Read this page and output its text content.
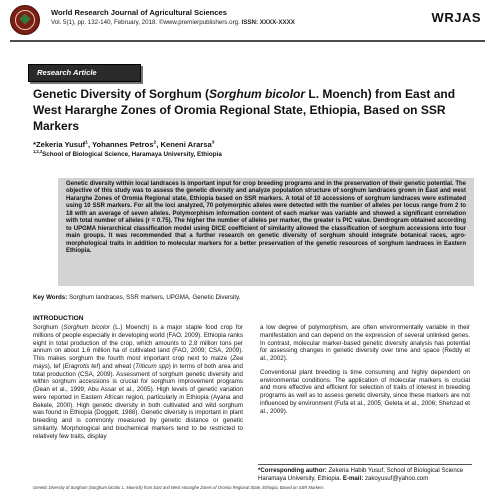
World Research Journal of Agricultural Sciences
Vol. 5(1), pp. 132-140, February, 2018. ©www.premierpublishers.org. ISSN: XXXX-XXXX	WRJAS
Research Article
Genetic Diversity of Sorghum (Sorghum bicolor L. Moench) from East and West Hararghe Zones of Oromia Regional State, Ethiopia, Based on SSR Markers
*Zekeria Yusuf$^1$, Yohannes Petros$^2$, Keneni Ararsa$^3$
$^{1,2,3}$School of Biological Science, Haramaya University, Ethiopia

Genetic diversity within local landraces is important input for crop breeding programs and in the preservation of their genetic potential. The objective of this study was to assess the genetic diversity and analyze population structure of sorghum landraces grown in East and west Hararghe Zones of Oromia Regional state, Ethiopia based on SSR markers. A total of 10 accessions of sorghum landraces were estimated using 10 SSR markers. For all the loci analyzed, 70 polymorphic alleles were detected with the number of alleles per locus range from 2 to 18 with an average of seven alleles. Polymorphism information content of each marker was variable and showed a significant correlation with total number of alleles (r = 0.75). The higher the number of alleles per marker, the greater is PIC value. Dendrogram obtained according to UPGMA hierarchical classification model using DICE coefficient of similarity allowed the classification of sorghum accessions into four main groups. It was recommended that a further research on genetic diversity of sorghum should integrate botanical races, agro-morphological traits in addition to molecular markers for a better preservation of the genetic resources of sorghum landraces in Eastern Ethiopia.

Key Words: Sorghum landraces, SSR markers, UPGMA, Genetic Diversity.
INTRODUCTION

Sorghum (Sorghum bicolor (L.) Moench) is a major staple food crop for millions of people especially in developing world (FAO, 2009). Ethiopia ranks eight in total production of the crop, which amounts to 2.8 million tons per annum on about 1.6 million ha of cultivated land (FAO, 2009; CSA, 2009). This makes sorghum the fourth most important crop next to maize (Zea mays), tef (Eragrotis tef) and wheat (Triticum spp) in terms of both area and total production (CSA, 2009). Assessment of sorghum genetic diversity and within sorghum accessions is crucial for sorghum improvement programs (Dean et al., 1999; Abu Assar et al., 2005). High levels of genetic variation were reported in Eastern African region, particularly in Ethiopia (Ayana and Bekele, 2000). High genetic diversity in both cultivated and wild sorghum was found in Ethiopia (Doggett, 1988). Genetic diversity is important in plant breeding and is commonly measured by genetic distance or genetic similarity. Morphological and biochemical markers tend to be restricted to relatively few traits, display

a low degree of polymorphism, are often environmentally variable in their manifestation and can depend on the expression of several unlinked genes. In contrast, molecular marker-based genetic diversity analysis has potential for assessing changes in genetic diversity over time and space (Reddy et al., 2002).

Conventional plant breeding is time consuming and highly dependent on environmental conditions. The application of molecular markers is crucial and more effective and efficient for selection of traits of interest in breeding programs as well as to assess genetic diversity, since these markers are not influenced by environment (Fufa et al., 2005; Geleta et al., 2006; Shehzad et al., 2009).

*Corresponding author: Zekeria Habib Yusuf, School of Biological Science Haramaya University, Ethiopia. E-mail: zakoyusuf@yahoo.com
Genetic Diversity of Sorghum (Sorghum bicolor L. Moench) from East and West Hararghe Zones of Oromia Regional State, Ethiopia, Based on SSR Markers
